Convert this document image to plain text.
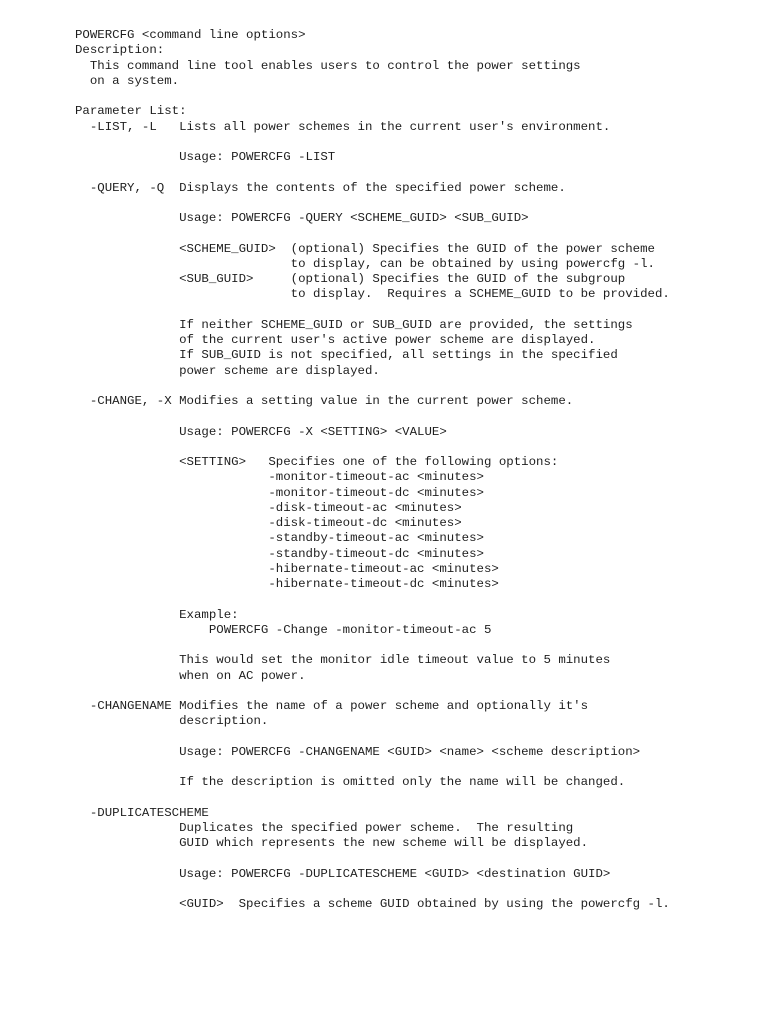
POWERCFG <command line options>
Description:
This command line tool enables users to control the power settings
on a system.
Parameter List:
-LIST, -L   Lists all power schemes in the current user's environment.
Usage: POWERCFG -LIST
-QUERY, -Q  Displays the contents of the specified power scheme.
Usage: POWERCFG -QUERY <SCHEME_GUID> <SUB_GUID>
<SCHEME_GUID>  (optional) Specifies the GUID of the power scheme
to display, can be obtained by using powercfg -l.
<SUB_GUID>     (optional) Specifies the GUID of the subgroup
to display.  Requires a SCHEME_GUID to be provided.
If neither SCHEME_GUID or SUB_GUID are provided, the settings
of the current user's active power scheme are displayed.
If SUB_GUID is not specified, all settings in the specified
power scheme are displayed.
-CHANGE, -X Modifies a setting value in the current power scheme.
Usage: POWERCFG -X <SETTING> <VALUE>
<SETTING>   Specifies one of the following options:
-monitor-timeout-ac <minutes>
-monitor-timeout-dc <minutes>
-disk-timeout-ac <minutes>
-disk-timeout-dc <minutes>
-standby-timeout-ac <minutes>
-standby-timeout-dc <minutes>
-hibernate-timeout-ac <minutes>
-hibernate-timeout-dc <minutes>
Example:
POWERCFG -Change -monitor-timeout-ac 5
This would set the monitor idle timeout value to 5 minutes
when on AC power.
-CHANGENAME Modifies the name of a power scheme and optionally it's
description.
Usage: POWERCFG -CHANGENAME <GUID> <name> <scheme description>
If the description is omitted only the name will be changed.
-DUPLICATESCHEME
Duplicates the specified power scheme.  The resulting
GUID which represents the new scheme will be displayed.
Usage: POWERCFG -DUPLICATESCHEME <GUID> <destination GUID>
<GUID>  Specifies a scheme GUID obtained by using the powercfg -l.
